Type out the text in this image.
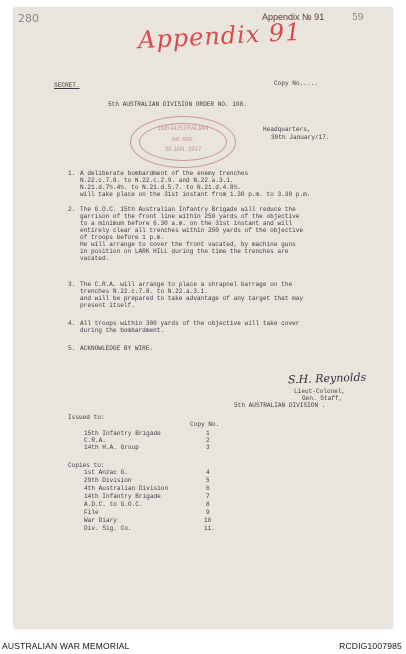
280	Appendix № 91	59
Appendix 91
SECRET.	Copy No.....
5th AUSTRALIAN DIVISION ORDER NO. 108.
15th AUSTRALIAN
INF. BDE.
30 JAN. 1917
Headquarters,
30th January/17.
1. A deliberate bombardment of the enemy trenches
N.22.c.7.8. to N.22.c.2.9. and N.22.a.3.1.
N.21.d.7½.4½. to N.21.d.5.7. to N.21.d.4.8½.
will take place on the 31st instant from 1.30 p.m. to 3.30 p.m.
2. The G.O.C. 15th Australian Infantry Brigade will reduce the
garrison of the front line within 250 yards of the objective
to a minimum before 6.30 a.m. on the 31st instant and will
entirely clear all trenches within 250 yards of the objective
of troops before 1 p.m.
He will arrange to cover the front vacated, by machine guns
in position on LARK HILL during the time the trenches are
vacated.
3. The C.R.A. will arrange to place a shrapnel barrage on the
trenches N.22.c.7.8. to N.22.a.3.1.
and will be prepared to take advantage of any target that may
present itself.
4. All troops within 300 yards of the objective will take cover
during the bombardment.
5. ACKNOWLEDGE BY WIRE.
S.H. Reynolds
Lieut-Colonel,
Gen. Staff,
5th AUSTRALIAN DIVISION .
Issued to:
Copy No.
15th Infantry Brigade	1
C.R.A.	2
14th H.A. Group	3
Copies to:
1st Anzac G.	4
29th Division	5
4th Australian Division	6
14th Infantry Brigade	7
A.D.C. to G.O.C.	8
File	9
War Diary	10
Div. Sig. Co.	11.
AUSTRALIAN WAR MEMORIAL	RCDIG1007985
